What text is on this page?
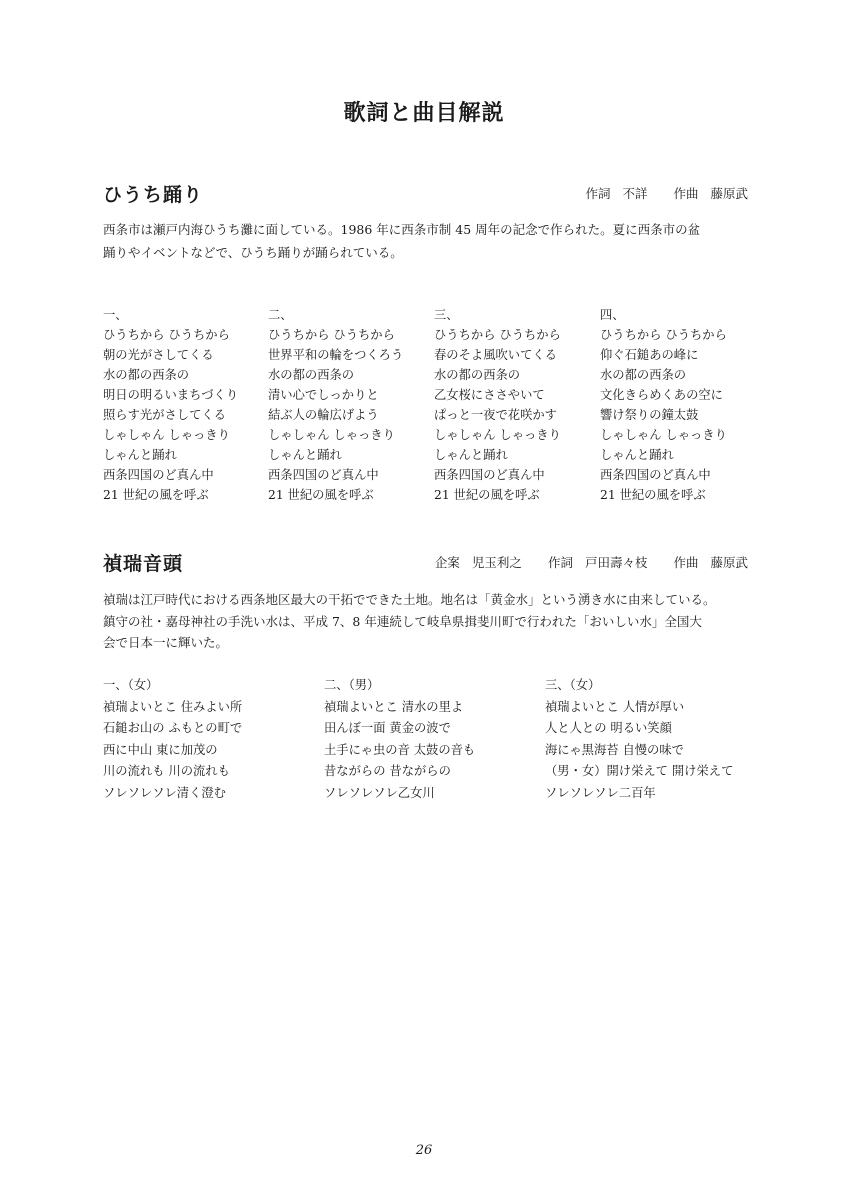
歌詞と曲目解説
ひうち踊り	作詞 不詳 作曲 藤原武
西条市は瀬戸内海ひうち灘に面している。1986 年に西条市制 45 周年の記念で作られた。夏に西条市の盆
踊りやイベントなどで、ひうち踊りが踊られている。
一、
ひうちから ひうちから
朝の光がさしてくる
水の都の西条の
明日の明るいまちづくり
照らす光がさしてくる
しゃしゃん しゃっきり
しゃんと踊れ
西条四国のど真ん中
21 世紀の風を呼ぶ
二、
ひうちから ひうちから
世界平和の輪をつくろう
水の都の西条の
清い心でしっかりと
結ぶ人の輪広げよう
しゃしゃん しゃっきり
しゃんと踊れ
西条四国のど真ん中
21 世紀の風を呼ぶ
三、
ひうちから ひうちから
春のそよ風吹いてくる
水の都の西条の
乙女桜にささやいて
ぱっと一夜で花咲かす
しゃしゃん しゃっきり
しゃんと踊れ
西条四国のど真ん中
21 世紀の風を呼ぶ
四、
ひうちから ひうちから
仰ぐ石鎚あの峰に
水の都の西条の
文化きらめくあの空に
響け祭りの鐘太鼓
しゃしゃん しゃっきり
しゃんと踊れ
西条四国のど真ん中
21 世紀の風を呼ぶ
禎瑞音頭	企案 児玉利之 作詞 戸田壽々枝 作曲 藤原武
禎瑞は江戸時代における西条地区最大の干拓でできた土地。地名は「黄金水」という湧き水に由来している。
鎮守の社・嘉母神社の手洗い水は、平成 7、8 年連続して岐阜県揖斐川町で行われた「おいしい水」全国大
会で日本一に輝いた。
一、（女）
禎瑞よいとこ 住みよい所
石鎚お山の ふもとの町で
西に中山 東に加茂の
川の流れも 川の流れも
ソレソレソレ清く澄む
二、（男）
禎瑞よいとこ 清水の里よ
田んぼ一面 黄金の波で
土手にゃ虫の音 太鼓の音も
昔ながらの 昔ながらの
ソレソレソレ乙女川
三、（女）
禎瑞よいとこ 人情が厚い
人と人との 明るい笑顔
海にゃ黒海苔 自慢の味で
（男・女）開け栄えて 開け栄えて
ソレソレソレ二百年
26
